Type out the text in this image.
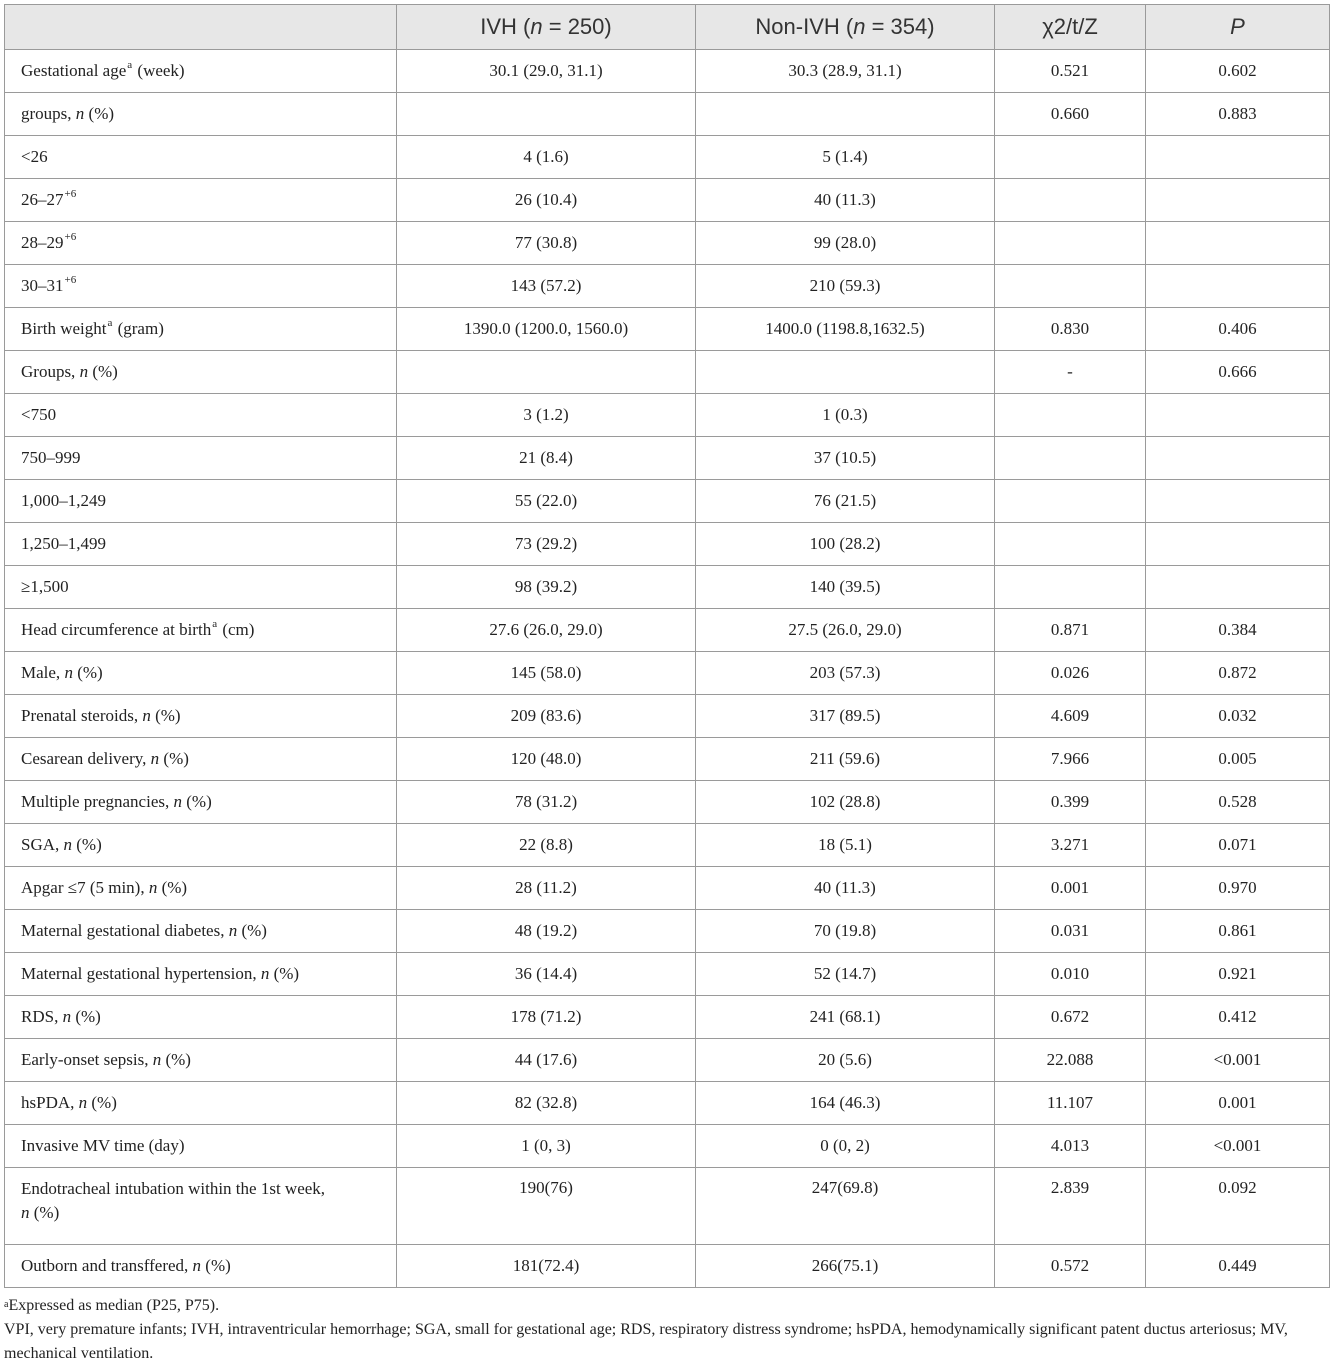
	IVH (n = 250)	Non-IVH (n = 354)	χ2/t/Z	P
Gestational age$^a$ (week)	30.1 (29.0, 31.1)	30.3 (28.9, 31.1)	0.521	0.602
groups, n (%)			0.660	0.883
<26	4 (1.6)	5 (1.4)		
$26-27^{+6}$	26 (10.4)	40 (11.3)		
$28-29^{+6}$	77 (30.8)	99 (28.0)		
$30-31^{+6}$	143 (57.2)	210 (59.3)		
Birth weight$^a$ (gram)	1390.0 (1200.0, 1560.0)	1400.0 (1198.8,1632.5)	0.830	0.406
Groups, n (%)			-	0.666
<750	3 (1.2)	1 (0.3)		
750–999	21 (8.4)	37 (10.5)		
1,000–1,249	55 (22.0)	76 (21.5)		
1,250–1,499	73 (29.2)	100 (28.2)		
≥1,500	98 (39.2)	140 (39.5)		
Head circumference at birth$^a$ (cm)	27.6 (26.0, 29.0)	27.5 (26.0, 29.0)	0.871	0.384
Male, n (%)	145 (58.0)	203 (57.3)	0.026	0.872
Prenatal steroids, n (%)	209 (83.6)	317 (89.5)	4.609	0.032
Cesarean delivery, n (%)	120 (48.0)	211 (59.6)	7.966	0.005
Multiple pregnancies, n (%)	78 (31.2)	102 (28.8)	0.399	0.528
SGA, n (%)	22 (8.8)	18 (5.1)	3.271	0.071
Apgar ≤7 (5 min), n (%)	28 (11.2)	40 (11.3)	0.001	0.970
Maternal gestational diabetes, n (%)	48 (19.2)	70 (19.8)	0.031	0.861
Maternal gestational hypertension, n (%)	36 (14.4)	52 (14.7)	0.010	0.921
RDS, n (%)	178 (71.2)	241 (68.1)	0.672	0.412
Early-onset sepsis, n (%)	44 (17.6)	20 (5.6)	22.088	<0.001
hsPDA, n (%)	82 (32.8)	164 (46.3)	11.107	0.001
Invasive MV time (day)	1 (0, 3)	0 (0, 2)	4.013	<0.001
Endotracheal intubation within the 1st week,
n (%)	190(76)	247(69.8)	2.839	0.092
Outborn and transffered, n (%)	181(72.4)	266(75.1)	0.572	0.449
$^a$Expressed as median (P25, P75).
VPI, very premature infants; IVH, intraventricular hemorrhage; SGA, small for gestational age; RDS, respiratory distress syndrome; hsPDA, hemodynamically significant patent ductus arteriosus; MV, mechanical ventilation.
